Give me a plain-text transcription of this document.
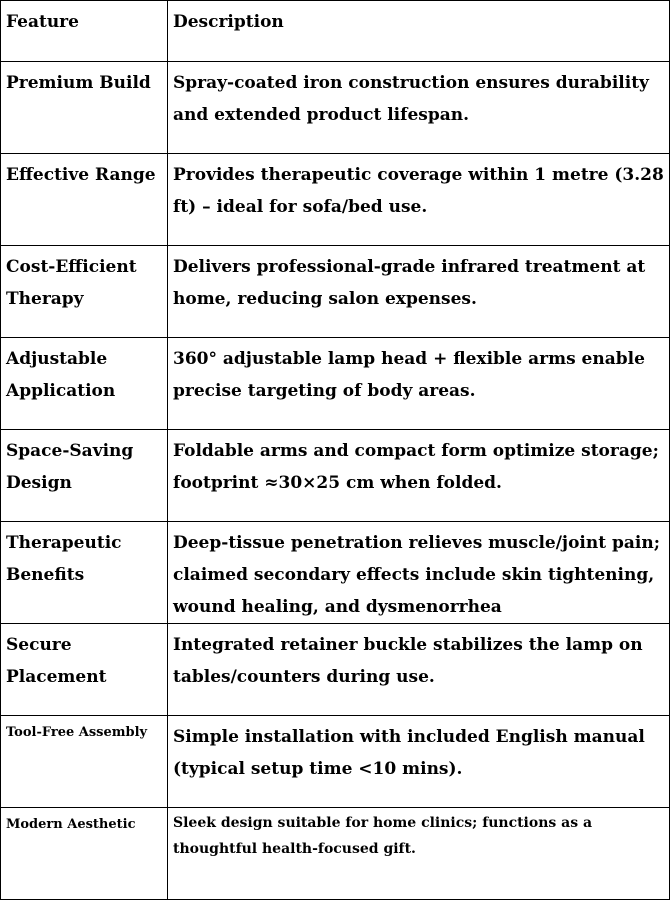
Feature	Description
Premium Build	Spray-coated iron construction ensures durability and extended product lifespan.
Effective Range	Provides therapeutic coverage within 1 metre (3.28 ft) – ideal for sofa/bed use.
Cost-Efficient Therapy	Delivers professional-grade infrared treatment at home, reducing salon expenses.
Adjustable Application	360° adjustable lamp head + flexible arms enable precise targeting of body areas.
Space-Saving Design	Foldable arms and compact form optimize storage; footprint ≈30×25 cm when folded.
Therapeutic Benefits	Deep-tissue penetration relieves muscle/joint pain; claimed secondary effects include skin tightening, wound healing, and dysmenorrhea
Secure Placement	Integrated retainer buckle stabilizes the lamp on tables/counters during use.
Tool-Free Assembly	Simple installation with included English manual (typical setup time <10 mins).
Modern Aesthetic	Sleek design suitable for home clinics; functions as a thoughtful health-focused gift.
